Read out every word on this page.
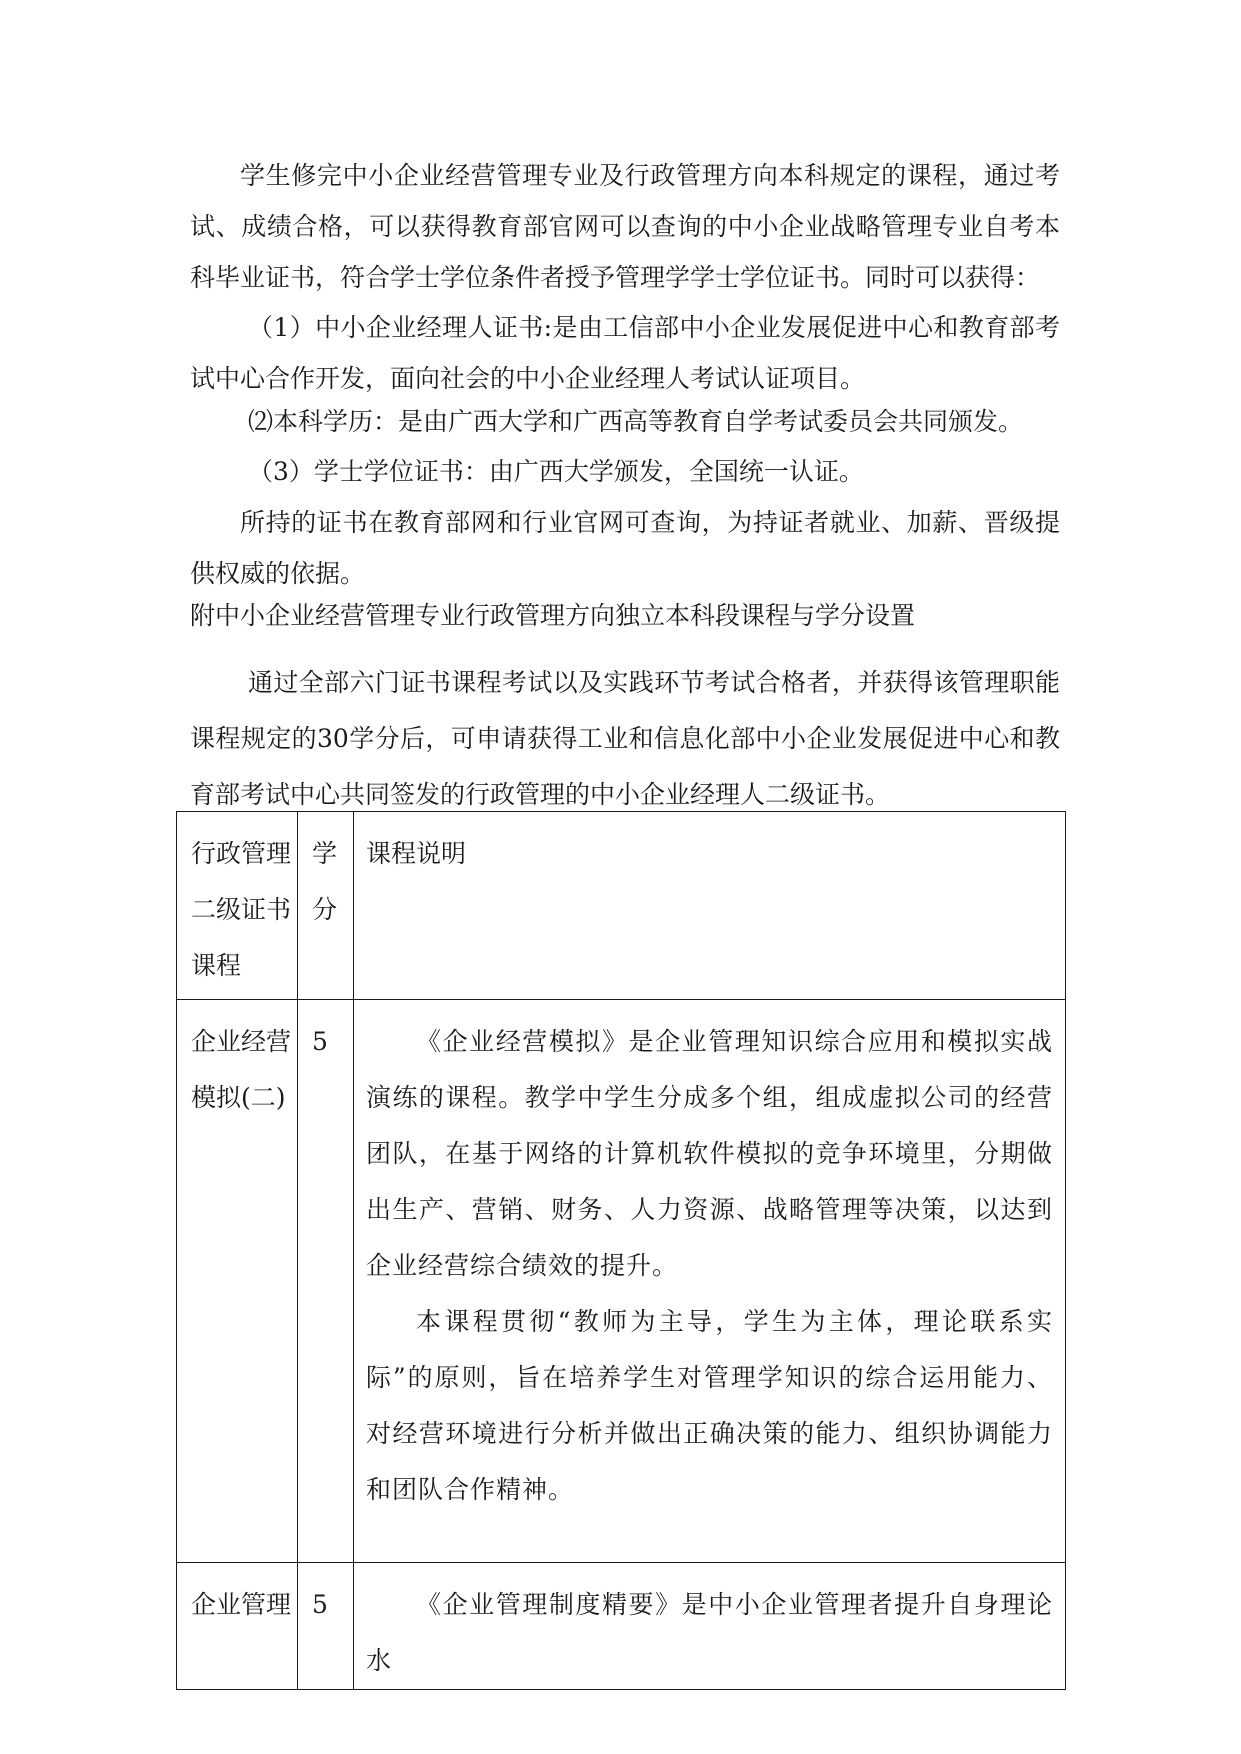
学生修完中小企业经营管理专业及行政管理方向本科规定的课程，通过考试、成绩合格，可以获得教育部官网可以查询的中小企业战略管理专业自考本科毕业证书，符合学士学位条件者授予管理学学士学位证书。同时可以获得：

（1）中小企业经理人证书:是由工信部中小企业发展促进中心和教育部考试中心合作开发，面向社会的中小企业经理人考试认证项目。

⑵本科学历：是由广西大学和广西高等教育自学考试委员会共同颁发。

（3）学士学位证书：由广西大学颁发，全国统一认证。

所持的证书在教育部网和行业官网可查询，为持证者就业、加薪、晋级提供权威的依据。

附中小企业经营管理专业行政管理方向独立本科段课程与学分设置

通过全部六门证书课程考试以及实践环节考试合格者，并获得该管理职能课程规定的30学分后，可申请获得工业和信息化部中小企业发展促进中心和教育部考试中心共同签发的行政管理的中小企业经理人二级证书。

行政管理二级证书课程	学分	课程说明
企业经营模拟(二)	5	《企业经营模拟》是企业管理知识综合应用和模拟实战演练的课程。教学中学生分成多个组，组成虚拟公司的经营团队，在基于网络的计算机软件模拟的竞争环境里，分期做出生产、营销、财务、人力资源、战略管理等决策，以达到企业经营综合绩效的提升。

本课程贯彻“教师为主导，学生为主体，理论联系实际”的原则，旨在培养学生对管理学知识的综合运用能力、对经营环境进行分析并做出正确决策的能力、组织协调能力和团队合作精神。

企业管理	5	《企业管理制度精要》是中小企业管理者提升自身理论水
